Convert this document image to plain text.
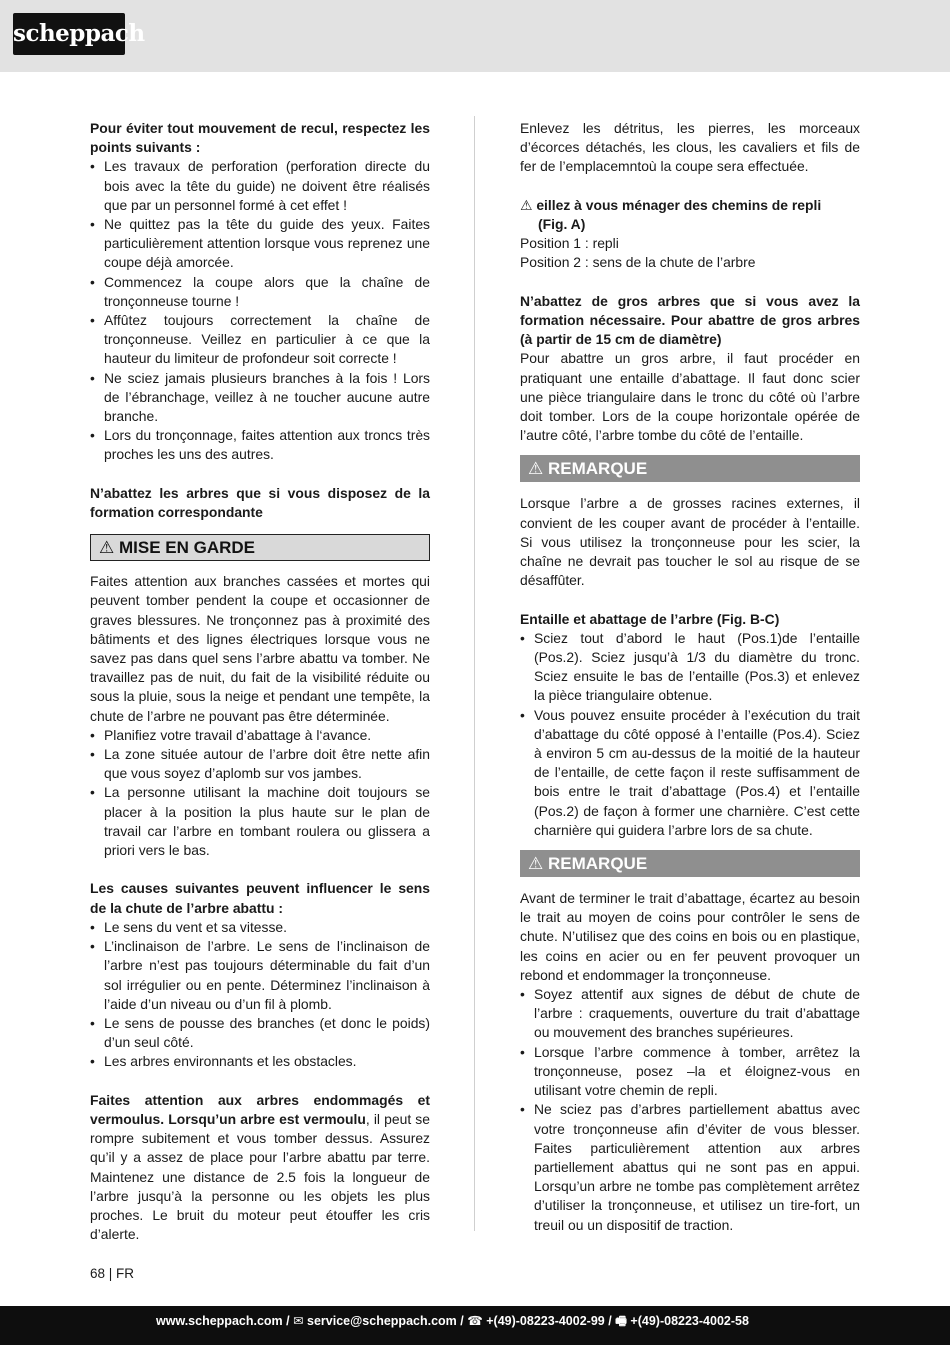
scheppach

Pour éviter tout mouvement de recul, respectez les points suivants :

• Les travaux de perforation (perforation directe du bois avec la tête du guide) ne doivent être réalisés que par un personnel formé à cet effet !
• Ne quittez pas la tête du guide des yeux. Faites particulièrement attention lorsque vous reprenez une coupe déjà amorcée.
• Commencez la coupe alors que la chaîne de tronçonneuse tourne !
• Affûtez toujours correctement la chaîne de tronçonneuse. Veillez en particulier à ce que la hauteur du limiteur de profondeur soit correcte !
• Ne sciez jamais plusieurs branches à la fois ! Lors de l’ébranchage, veillez à ne toucher aucune autre branche.
• Lors du tronçonnage, faites attention aux troncs très proches les uns des autres.

N’abattez les arbres que si vous disposez de la formation correspondante

⚠ MISE EN GARDE

Faites attention aux branches cassées et mortes qui peuvent tomber pendent la coupe et occasionner de graves blessures. Ne tronçonnez pas à proximité des bâtiments et des lignes électriques lorsque vous ne savez pas dans quel sens l’arbre abattu va tomber. Ne travaillez pas de nuit, du fait de la visibilité réduite ou sous la pluie, sous la neige et pendant une tempête, la chute de l’arbre ne pouvant pas être déterminée.

• Planifiez votre travail d’abattage à l‘avance.
• La zone située autour de l’arbre doit être nette afin que vous soyez d’aplomb sur vos jambes.
• La personne utilisant la machine doit toujours se placer à la position la plus haute sur le plan de travail car l’arbre en tombant roulera ou glissera a priori vers le bas.

Les causes suivantes peuvent influencer le sens de la chute de l’arbre abattu :

• Le sens du vent et sa vitesse.
• L’inclinaison de l’arbre. Le sens de l’inclinaison de l’arbre n’est pas toujours déterminable du fait d’un sol irrégulier ou en pente. Déterminez l’inclinaison à l’aide d’un niveau ou d’un fil à plomb.
• Le sens de pousse des branches (et donc le poids) d’un seul côté.
• Les arbres environnants et les obstacles.

Faites attention aux arbres endommagés et vermoulus. Lorsqu’un arbre est vermoulu, il peut se rompre subitement et vous tomber dessus. Assurez qu’il y a assez de place pour l’arbre abattu par terre. Maintenez une distance de 2.5 fois la longueur de l’arbre jusqu’à la personne ou les objets les plus proches. Le bruit du moteur peut étouffer les cris d’alerte.

Enlevez les détritus, les pierres, les morceaux d’écorces détachés, les clous, les cavaliers et fils de fer de l’emplacemntoù la coupe sera effectuée.

⚠ eillez à vous ménager des chemins de repli

(Fig. A)

Position 1 : repli

Position 2 : sens de la chute de l’arbre

N’abattez de gros arbres que si vous avez la formation nécessaire. Pour abattre de gros arbres (à partir de 15 cm de diamètre)

Pour abattre un gros arbre, il faut procéder en pratiquant une entaille d’abattage. Il faut donc scier une pièce triangulaire dans le tronc du côté où l’arbre doit tomber. Lors de la coupe horizontale opérée de l’autre côté, l’arbre tombe du côté de l’entaille.

⚠ REMARQUE

Lorsque l’arbre a de grosses racines externes, il convient de les couper avant de procéder à l’entaille. Si vous utilisez la tronçonneuse pour les scier, la chaîne ne devrait pas toucher le sol au risque de se désaffûter.

Entaille et abattage de l’arbre (Fig. B-C)

• Sciez tout d’abord le haut (Pos.1)de l’entaille (Pos.2). Sciez jusqu’à 1/3 du diamètre du tronc. Sciez ensuite le bas de l’entaille (Pos.3) et enlevez la pièce triangulaire obtenue.
• Vous pouvez ensuite procéder à l’exécution du trait d’abattage du côté opposé à l’entaille (Pos.4). Sciez à environ 5 cm au-dessus de la moitié de la hauteur de l’entaille, de cette façon il reste suffisamment de bois entre le trait d’abattage (Pos.4) et l’entaille (Pos.2) de façon à former une charnière. C’est cette charnière qui guidera l’arbre lors de sa chute.
⚠ REMARQUE

Avant de terminer le trait d’abattage, écartez au besoin le trait au moyen de coins pour contrôler le sens de chute. N’utilisez que des coins en bois ou en plastique, les coins en acier ou en fer peuvent provoquer un rebond et endommager la tronçonneuse.

• Soyez attentif aux signes de début de chute de l’arbre : craquements, ouverture du trait d’abattage ou mouvement des branches supérieures.
• Lorsque l’arbre commence à tomber, arrêtez la tronçonneuse, posez –la et éloignez-vous en utilisant votre chemin de repli.
• Ne sciez pas d’arbres partiellement abattus avec votre tronçonneuse afin d’éviter de vous blesser. Faites particulièrement attention aux arbres partiellement abattus qui ne sont pas en appui. Lorsqu’un arbre ne tombe pas complètement arrêtez d’utiliser la tronçonneuse, et utilisez un tire-fort, un treuil ou un dispositif de traction.
68 | FR
www.scheppach.com / ✉ service@scheppach.com / ☎ +(49)-08223-4002-99 / 🖷 +(49)-08223-4002-58
